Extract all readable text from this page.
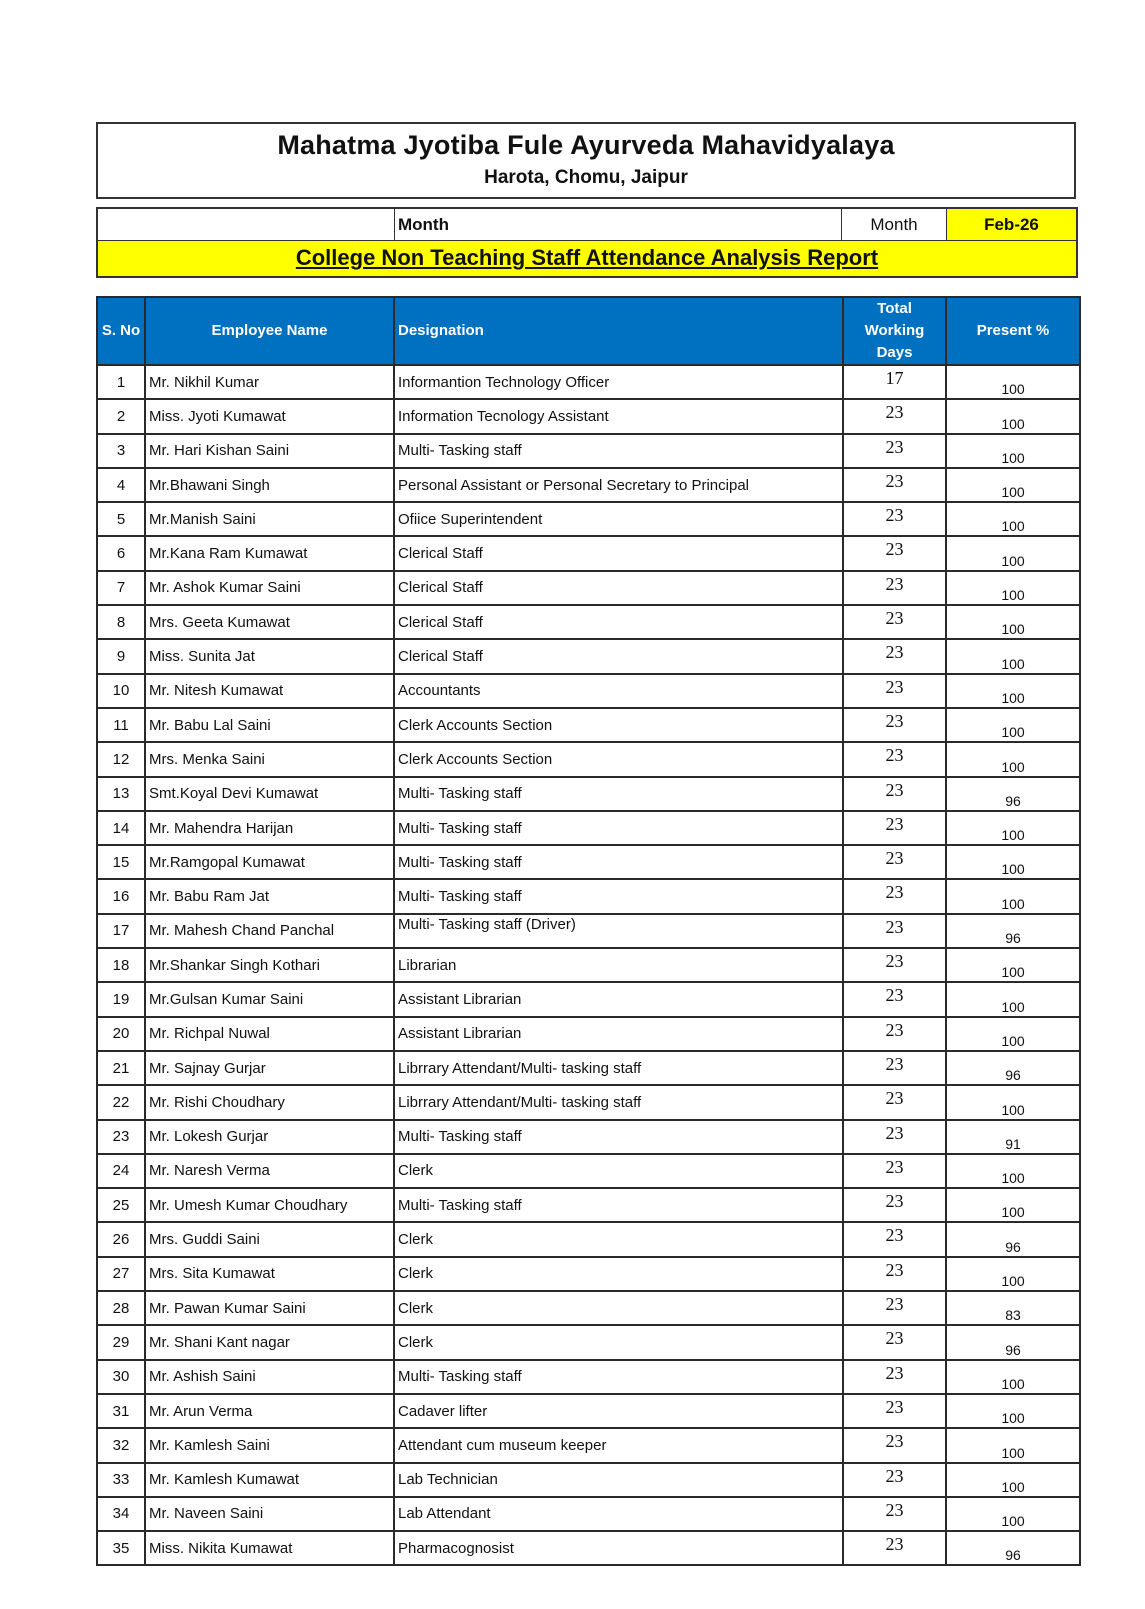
Mahatma Jyotiba Fule Ayurveda Mahavidyalaya
Harota, Chomu, Jaipur
Month	Month	Feb-26
College Non Teaching Staff Attendance Analysis Report
S. No	Employee Name	Designation	Total Working Days	Present %
1	Mr. Nikhil Kumar	Informantion Technology Officer	17	100
2	Miss. Jyoti Kumawat	Information Tecnology Assistant	23	100
3	Mr. Hari Kishan Saini	Multi- Tasking staff	23	100
4	Mr.Bhawani Singh	Personal Assistant or Personal Secretary to Principal	23	100
5	Mr.Manish Saini	Ofiice Superintendent	23	100
6	Mr.Kana Ram Kumawat	Clerical Staff	23	100
7	Mr. Ashok Kumar Saini	Clerical Staff	23	100
8	Mrs. Geeta Kumawat	Clerical Staff	23	100
9	Miss. Sunita Jat	Clerical Staff	23	100
10	Mr. Nitesh Kumawat	Accountants	23	100
11	Mr. Babu Lal Saini	Clerk Accounts Section	23	100
12	Mrs. Menka Saini	Clerk Accounts Section	23	100
13	Smt.Koyal Devi Kumawat	Multi- Tasking staff	23	96
14	Mr. Mahendra Harijan	Multi- Tasking staff	23	100
15	Mr.Ramgopal Kumawat	Multi- Tasking staff	23	100
16	Mr. Babu Ram Jat	Multi- Tasking staff	23	100
17	Mr. Mahesh Chand Panchal	Multi- Tasking staff (Driver)	23	96
18	Mr.Shankar Singh Kothari	Librarian	23	100
19	Mr.Gulsan Kumar Saini	Assistant Librarian	23	100
20	Mr. Richpal Nuwal	Assistant Librarian	23	100
21	Mr. Sajnay Gurjar	Librrary Attendant/Multi- tasking staff	23	96
22	Mr. Rishi Choudhary	Librrary Attendant/Multi- tasking staff	23	100
23	Mr. Lokesh Gurjar	Multi- Tasking staff	23	91
24	Mr. Naresh Verma	Clerk	23	100
25	Mr. Umesh Kumar Choudhary	Multi- Tasking staff	23	100
26	Mrs. Guddi Saini	Clerk	23	96
27	Mrs. Sita Kumawat	Clerk	23	100
28	Mr. Pawan Kumar Saini	Clerk	23	83
29	Mr. Shani Kant nagar	Clerk	23	96
30	Mr. Ashish Saini	Multi- Tasking staff	23	100
31	Mr. Arun Verma	Cadaver lifter	23	100
32	Mr. Kamlesh Saini	Attendant cum museum keeper	23	100
33	Mr. Kamlesh Kumawat	Lab Technician	23	100
34	Mr. Naveen Saini	Lab Attendant	23	100
35	Miss. Nikita Kumawat	Pharmacognosist	23	96
